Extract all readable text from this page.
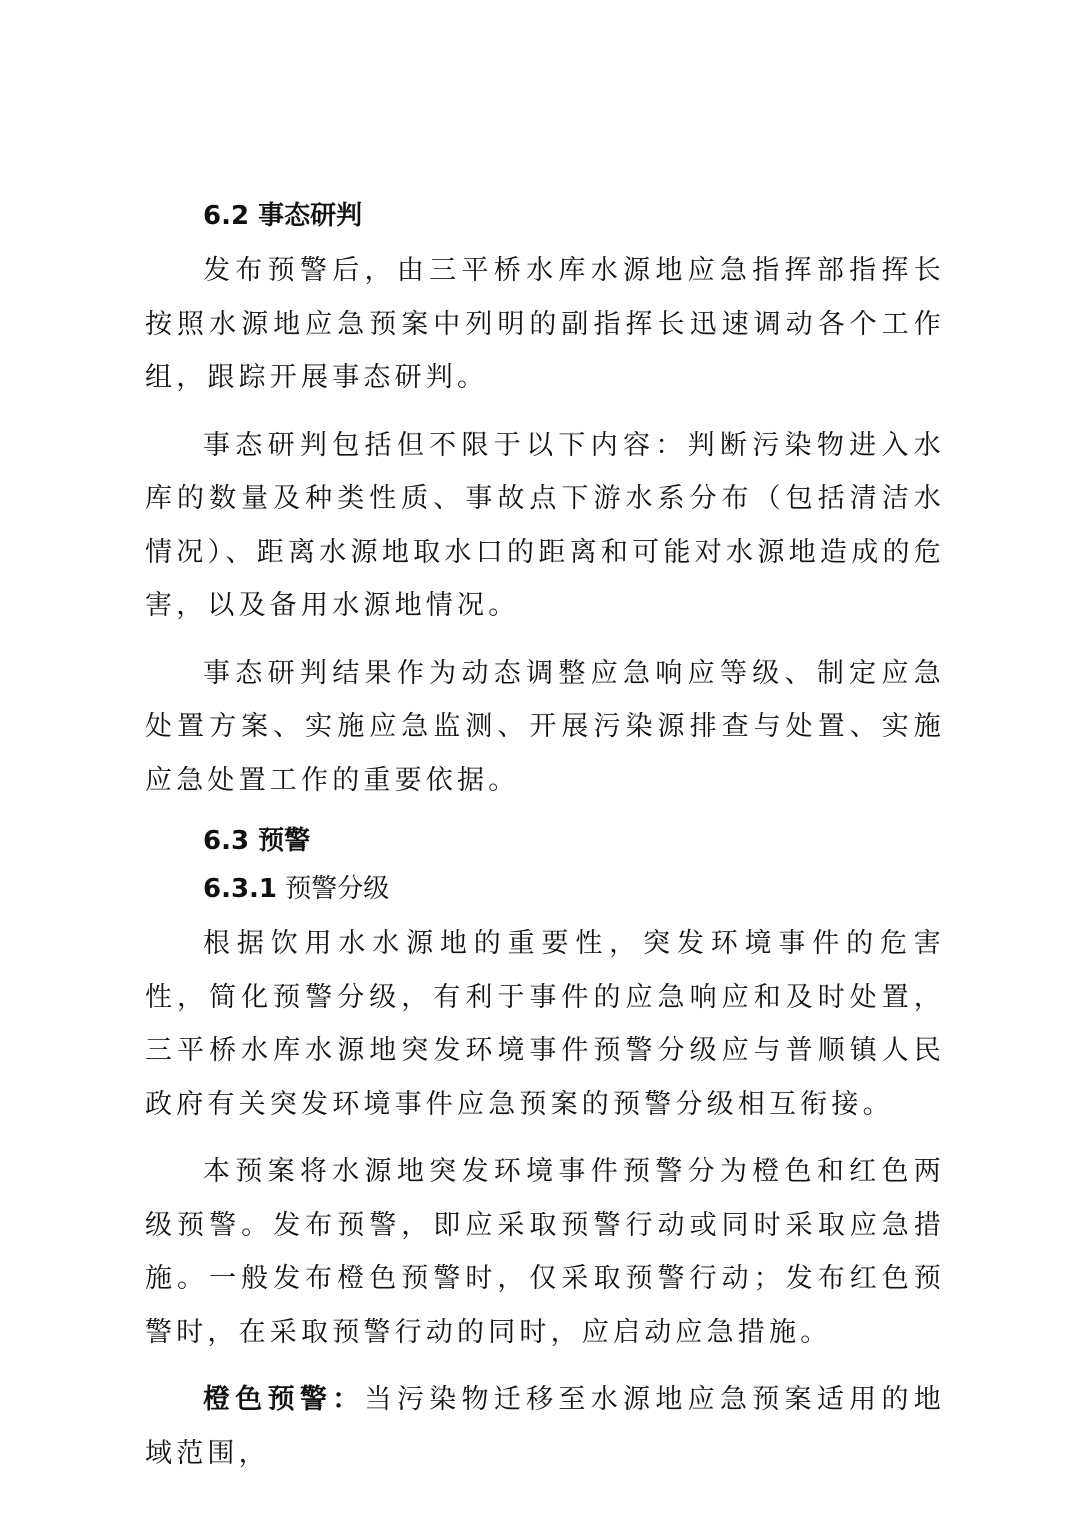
6.2 事态研判

发布预警后，由三平桥水库水源地应急指挥部指挥长按照水源地应急预案中列明的副指挥长迅速调动各个工作组，跟踪开展事态研判。

事态研判包括但不限于以下内容：判断污染物进入水库的数量及种类性质、事故点下游水系分布（包括清洁水情况）、距离水源地取水口的距离和可能对水源地造成的危害，以及备用水源地情况。

事态研判结果作为动态调整应急响应等级、制定应急处置方案、实施应急监测、开展污染源排查与处置、实施应急处置工作的重要依据。

6.3 预警
6.3.1 预警分级

根据饮用水水源地的重要性，突发环境事件的危害性，简化预警分级，有利于事件的应急响应和及时处置，三平桥水库水源地突发环境事件预警分级应与普顺镇人民政府有关突发环境事件应急预案的预警分级相互衔接。

本预案将水源地突发环境事件预警分为橙色和红色两级预警。发布预警，即应采取预警行动或同时采取应急措施。一般发布橙色预警时，仅采取预警行动；发布红色预警时，在采取预警行动的同时，应启动应急措施。

橙色预警：当污染物迁移至水源地应急预案适用的地域范围，
